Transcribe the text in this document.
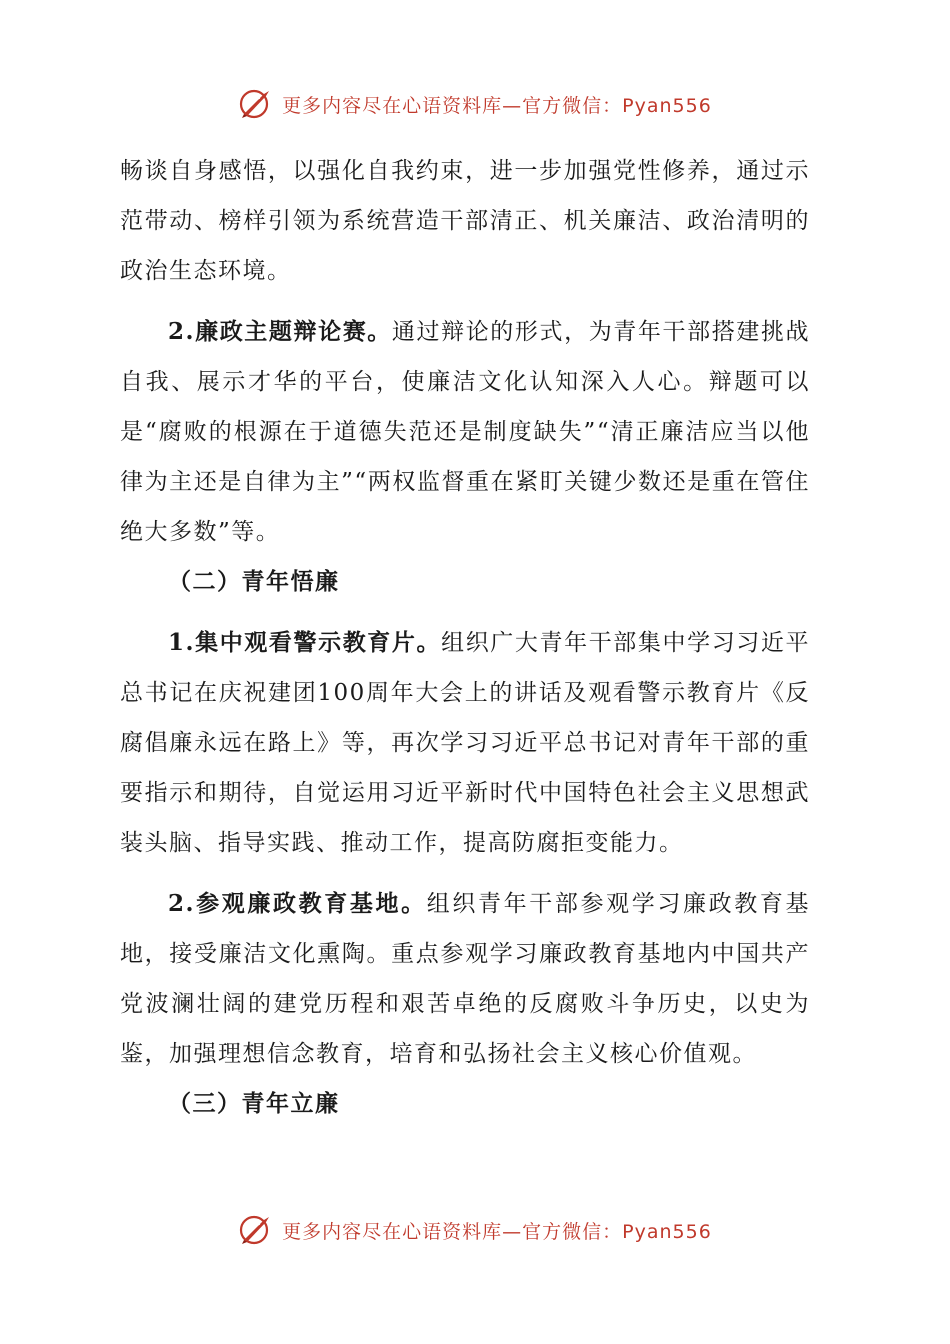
更多内容尽在心语资料库—官方微信：Pyan556

畅谈自身感悟，以强化自我约束，进一步加强党性修养，通过示范带动、榜样引领为系统营造干部清正、机关廉洁、政治清明的政治生态环境。

2.廉政主题辩论赛。通过辩论的形式，为青年干部搭建挑战自我、展示才华的平台，使廉洁文化认知深入人心。辩题可以是“腐败的根源在于道德失范还是制度缺失”“清正廉洁应当以他律为主还是自律为主”“两权监督重在紧盯关键少数还是重在管住绝大多数”等。

（二）青年悟廉

1.集中观看警示教育片。组织广大青年干部集中学习习近平总书记在庆祝建团100周年大会上的讲话及观看警示教育片《反腐倡廉永远在路上》等，再次学习习近平总书记对青年干部的重要指示和期待，自觉运用习近平新时代中国特色社会主义思想武装头脑、指导实践、推动工作，提高防腐拒变能力。

2.参观廉政教育基地。组织青年干部参观学习廉政教育基地，接受廉洁文化熏陶。重点参观学习廉政教育基地内中国共产党波澜壮阔的建党历程和艰苦卓绝的反腐败斗争历史，以史为鉴，加强理想信念教育，培育和弘扬社会主义核心价值观。

（三）青年立廉

更多内容尽在心语资料库—官方微信：Pyan556
